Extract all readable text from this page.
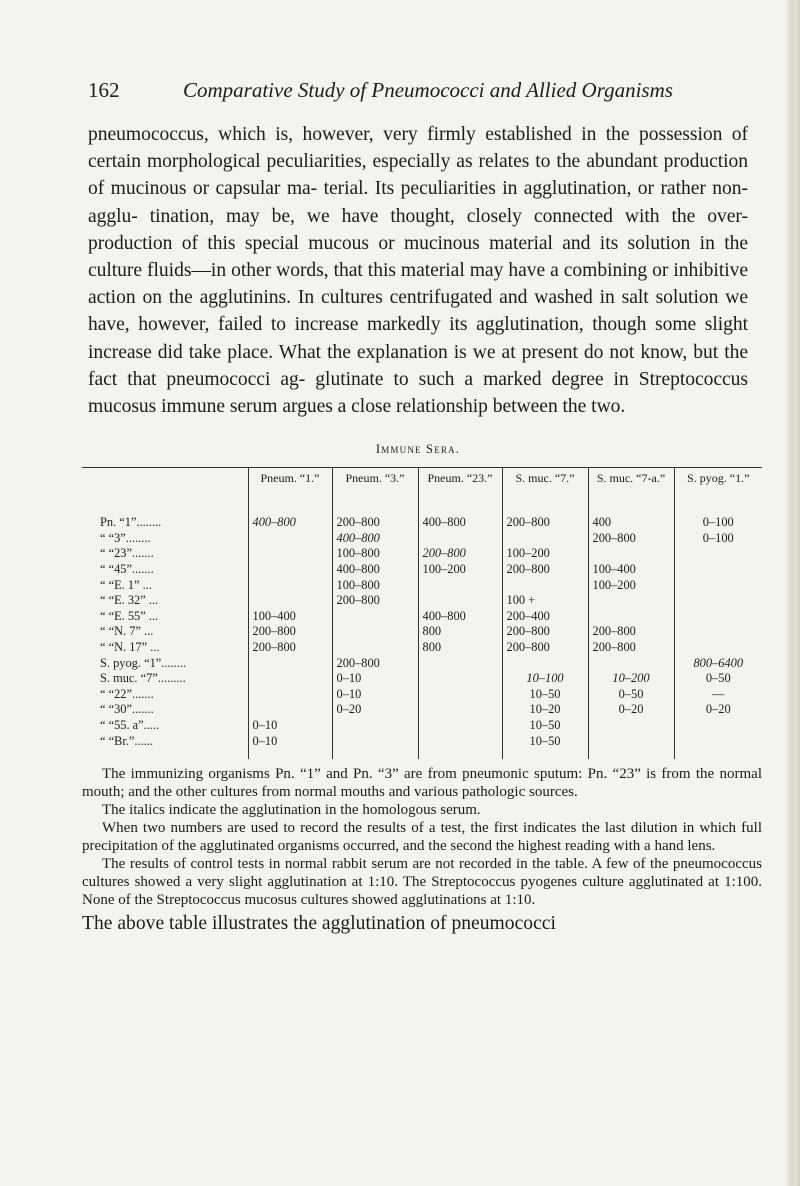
162	Comparative Study of Pneumococci and Allied Organisms
pneumococcus, which is, however, very firmly established in the possession of certain morphological peculiarities, especially as relates to the abundant production of mucinous or capsular ma- terial. Its peculiarities in agglutination, or rather non-agglu- tination, may be, we have thought, closely connected with the over-production of this special mucous or mucinous material and its solution in the culture fluids—in other words, that this material may have a combining or inhibitive action on the agglutinins. In cultures centrifugated and washed in salt solution we have, however, failed to increase markedly its agglutination, though some slight increase did take place. What the explanation is we at present do not know, but the fact that pneumococci ag- glutinate to such a marked degree in Streptococcus mucosus immune serum argues a close relationship between the two.
Immune Sera.
	Pneum. “1.”	Pneum. “3.”	Pneum. “23.”	S. muc. “7.”	S. muc. “7-a.”	S. pyog. “1.”
Pn. “1”........	400–800	200–800	400–800	200–800	400	0–100
“ “3”........		400–800			200–800	0–100
“ “23”.......		100–800	200–800	100–200		
“ “45”.......		400–800	100–200	200–800	100–400	
“ “E. 1” ...		100–800			100–200	
“ “E. 32” ...		200–800		100 +		
“ “E. 55” ...	100–400		400–800	200–400		
“ “N. 7” ...	200–800		800	200–800	200–800	
“ “N. 17” ...	200–800		800	200–800	200–800	
S. pyog. “1”........		200–800				800–6400
S. muc. “7”.........		0–10		10–100	10–200	0–50
“ “22”.......		0–10		10–50	0–50	—
“ “30”.......		0–20		10–20	0–20	0–20
“ “55. a”.....	0–10			10–50		
“ “Br.”......	0–10			10–50		

The immunizing organisms Pn. “1” and Pn. “3” are from pneumonic sputum: Pn. “23” is from the normal mouth; and the other cultures from normal mouths and various pathologic sources.

The italics indicate the agglutination in the homologous serum.

When two numbers are used to record the results of a test, the first indicates the last dilution in which full precipitation of the agglutinated organisms occurred, and the second the highest reading with a hand lens.

The results of control tests in normal rabbit serum are not recorded in the table. A few of the pneumococcus cultures showed a very slight agglutination at 1:10. The Streptococcus pyogenes culture agglutinated at 1:100. None of the Streptococcus mucosus cultures showed agglutinations at 1:10.

The above table illustrates the agglutination of pneumococci
